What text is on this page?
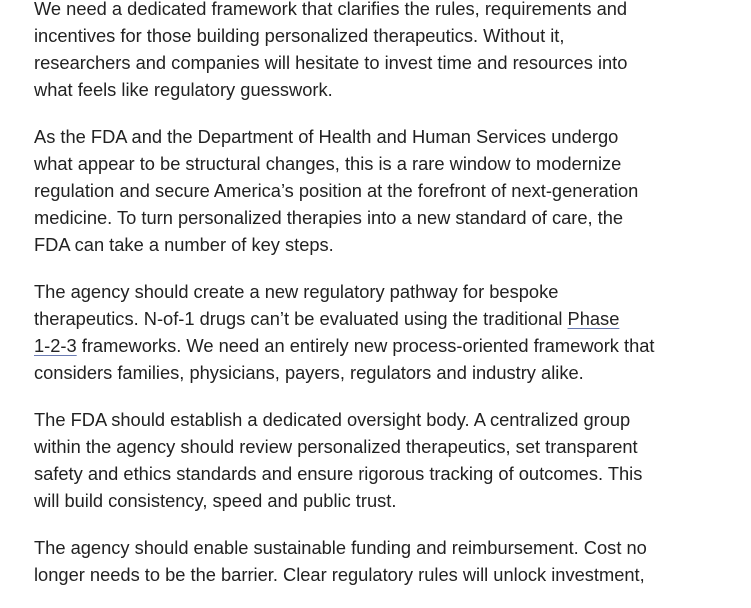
We need a dedicated framework that clarifies the rules, requirements and
incentives for those building personalized therapeutics. Without it,
researchers and companies will hesitate to invest time and resources into
what feels like regulatory guesswork.

As the FDA and the Department of Health and Human Services undergo
what appear to be structural changes, this is a rare window to modernize
regulation and secure America’s position at the forefront of next-generation
medicine. To turn personalized therapies into a new standard of care, the
FDA can take a number of key steps.

The agency should create a new regulatory pathway for bespoke
therapeutics. N-of-1 drugs can’t be evaluated using the traditional Phase
1-2-3 frameworks. We need an entirely new process-oriented framework that
considers families, physicians, payers, regulators and industry alike.

The FDA should establish a dedicated oversight body. A centralized group
within the agency should review personalized therapeutics, set transparent
safety and ethics standards and ensure rigorous tracking of outcomes. This
will build consistency, speed and public trust.

The agency should enable sustainable funding and reimbursement. Cost no
longer needs to be the barrier. Clear regulatory rules will unlock investment,
